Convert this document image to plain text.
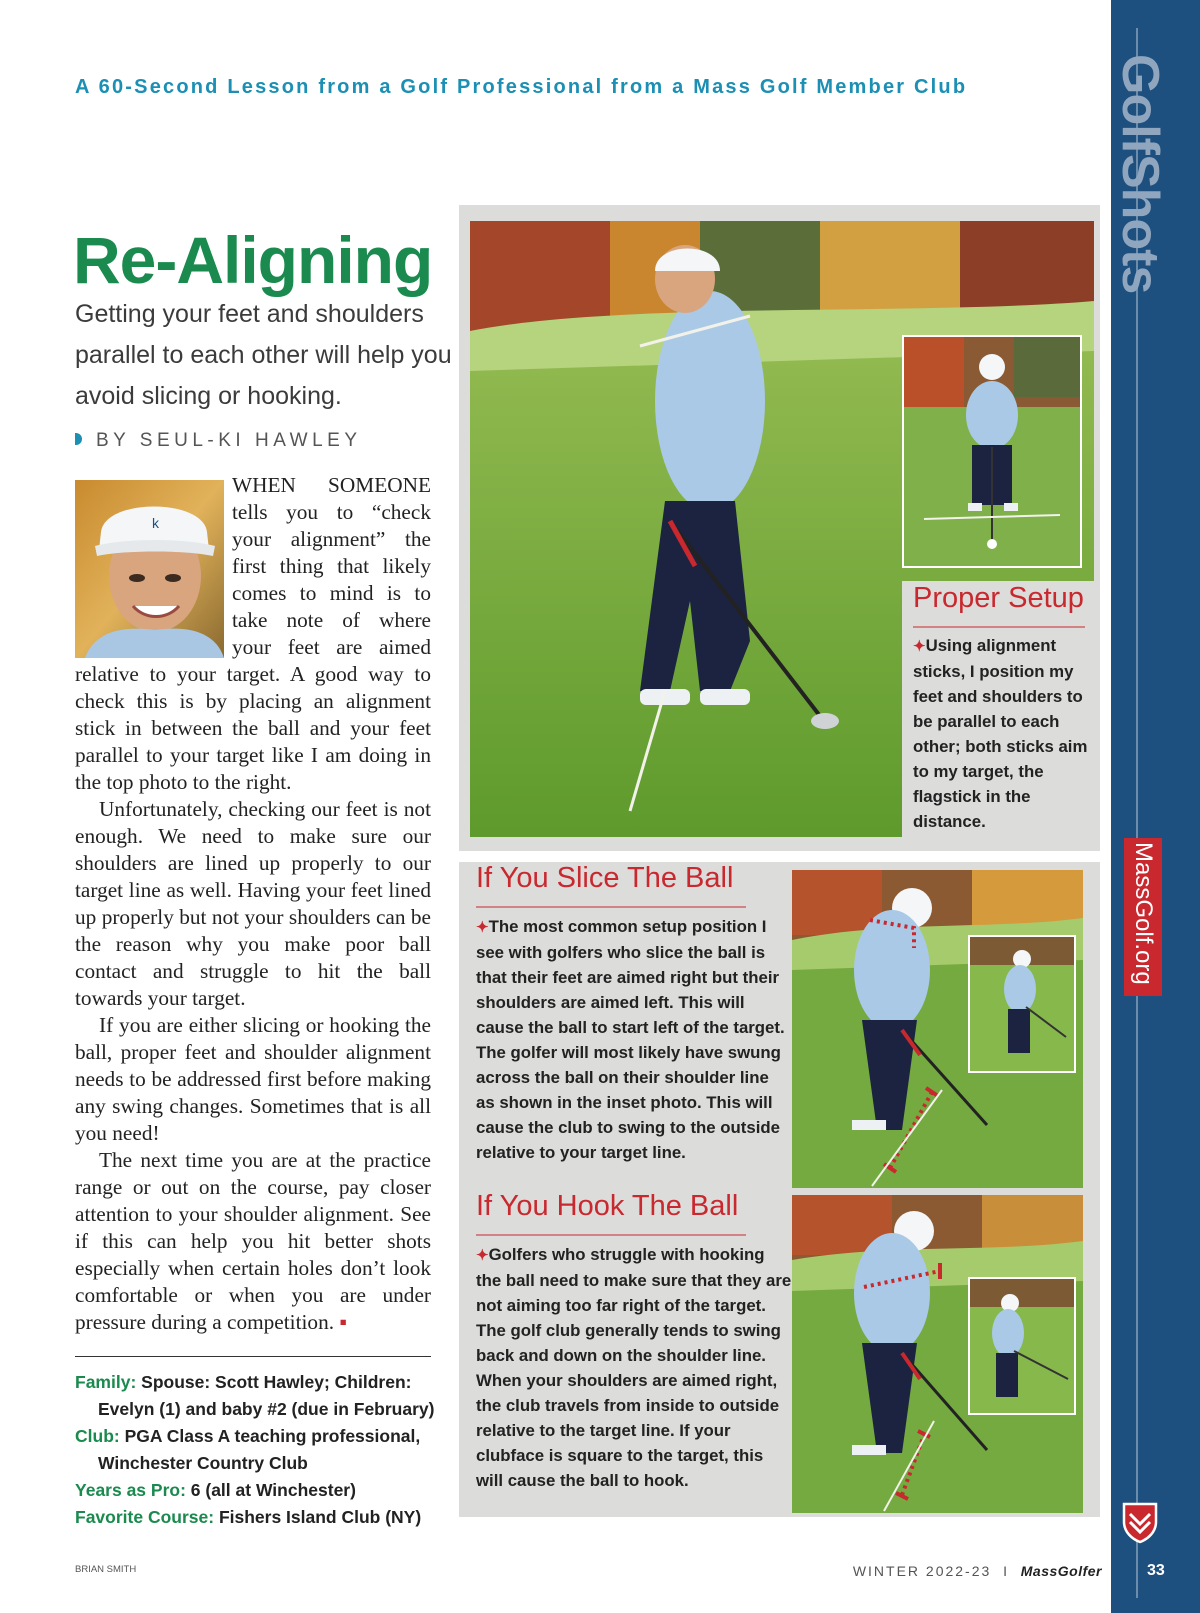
A 60-Second Lesson from a Golf Professional from a Mass Golf Member Club	GolfShots
MassGolf.org
33
Re-Aligning
Getting your feet and shoulders parallel to each other will help you avoid slicing or hooking.
BY SEUL-KI HAWLEY
k

WHEN SOMEONE tells you to “check your alignment” the first thing that likely comes to mind is to take note of where your feet are aimed relative to your target. A good way to check this is by placing an alignment stick in between the ball and your feet parallel to your target like I am doing in the top photo to the right.

Unfortunately, checking our feet is not enough. We need to make sure our shoulders are lined up properly to our target line as well. Having your feet lined up properly but not your shoulders can be the reason why you make poor ball contact and struggle to hit the ball towards your target.

If you are either slicing or hooking the ball, proper feet and shoulder alignment needs to be addressed first before making any swing changes. Sometimes that is all you need!

The next time you are at the practice range or out on the course, pay closer attention to your shoulder alignment. See if this can help you hit better shots especially when certain holes don’t look comfortable or when you are under pressure during a competition. ▪

Family: Spouse: Scott Hawley; Children: Evelyn (1) and baby #2 (due in February)
Club: PGA Class A teaching professional, Winchester Country Club
Years as Pro: 6 (all at Winchester)
Favorite Course: Fishers Island Club (NY)
BRIAN SMITH	WINTER 2022-23 I MassGolfer
Proper Setup
✦Using alignment sticks, I position my feet and shoulders to be parallel to each other; both sticks aim to my target, the flagstick in the distance.
If You Slice The Ball
✦The most common setup position I see with golfers who slice the ball is that their feet are aimed right but their shoulders are aimed left. This will cause the ball to start left of the target. The golfer will most likely have swung across the ball on their shoulder line as shown in the inset photo. This will cause the club to swing to the outside relative to your target line.
If You Hook The Ball
✦Golfers who struggle with hooking the ball need to make sure that they are not aiming too far right of the target. The golf club generally tends to swing back and down on the shoulder line. When your shoulders are aimed right, the club travels from inside to outside relative to the target line. If your clubface is square to the target, this will cause the ball to hook.
